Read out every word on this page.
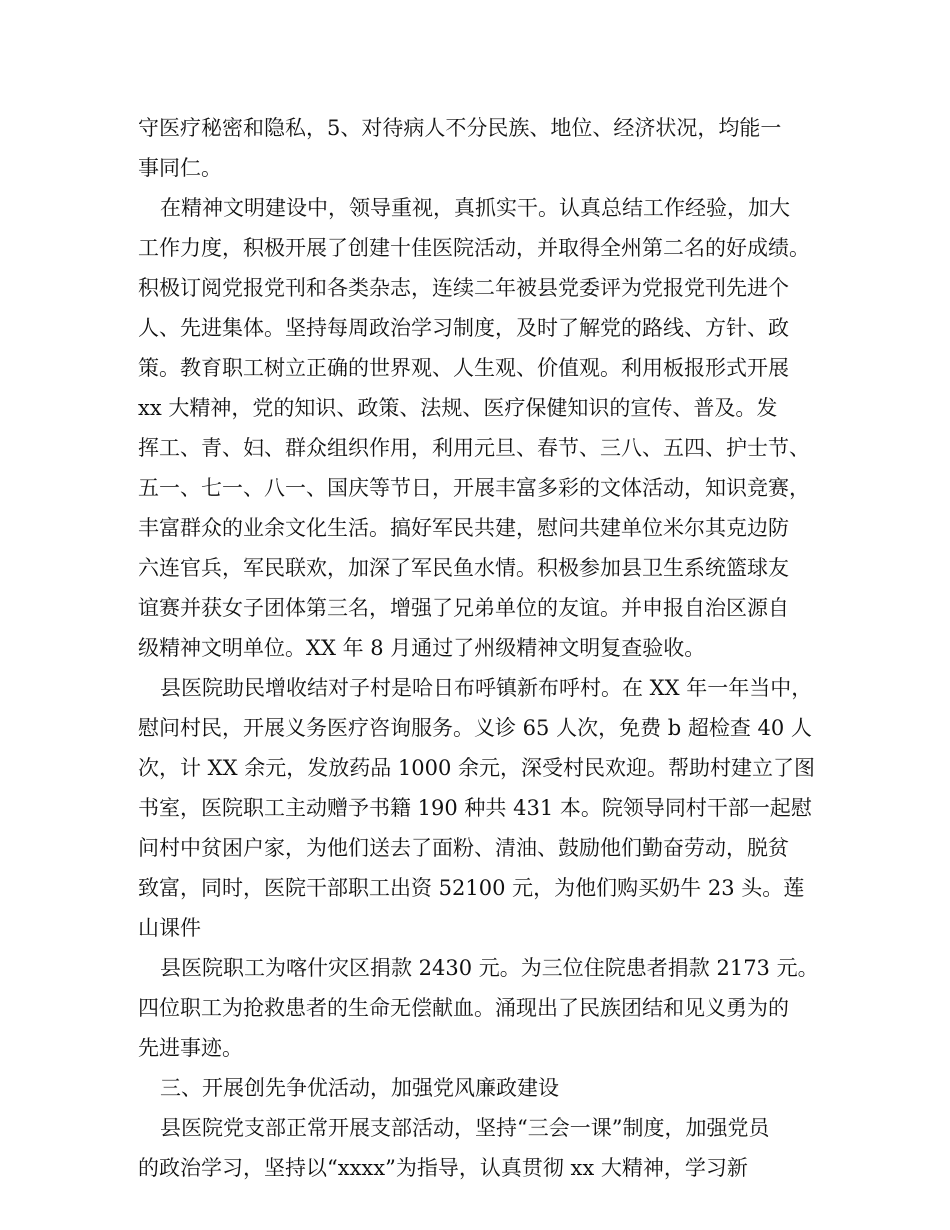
守医疗秘密和隐私，5、对待病人不分民族、地位、经济状况，均能一
事同仁。
在精神文明建设中，领导重视，真抓实干。认真总结工作经验，加大
工作力度，积极开展了创建十佳医院活动，并取得全州第二名的好成绩。
积极订阅党报党刊和各类杂志，连续二年被县党委评为党报党刊先进个
人、先进集体。坚持每周政治学习制度，及时了解党的路线、方针、政
策。教育职工树立正确的世界观、人生观、价值观。利用板报形式开展
xx 大精神，党的知识、政策、法规、医疗保健知识的宣传、普及。发
挥工、青、妇、群众组织作用，利用元旦、春节、三八、五四、护士节、
五一、七一、八一、国庆等节日，开展丰富多彩的文体活动，知识竞赛，
丰富群众的业余文化生活。搞好军民共建，慰问共建单位米尔其克边防
六连官兵，军民联欢，加深了军民鱼水情。积极参加县卫生系统篮球友
谊赛并获女子团体第三名，增强了兄弟单位的友谊。并申报自治区源自
级精神文明单位。XX 年 8 月通过了州级精神文明复查验收。
县医院助民增收结对子村是哈日布呼镇新布呼村。在 XX 年一年当中，
慰问村民，开展义务医疗咨询服务。义诊 65 人次，免费 b 超检查 40 人
次，计 XX 余元，发放药品 1000 余元，深受村民欢迎。帮助村建立了图
书室，医院职工主动赠予书籍 190 种共 431 本。院领导同村干部一起慰
问村中贫困户家，为他们送去了面粉、清油、鼓励他们勤奋劳动，脱贫
致富，同时，医院干部职工出资 52100 元，为他们购买奶牛 23 头。莲
山课件
县医院职工为喀什灾区捐款 2430 元。为三位住院患者捐款 2173 元。
四位职工为抢救患者的生命无偿献血。涌现出了民族团结和见义勇为的
先进事迹。
三、开展创先争优活动，加强党风廉政建设
县医院党支部正常开展支部活动，坚持“三会一课”制度，加强党员
的政治学习，坚持以“xxxx”为指导，认真贯彻 xx 大精神，学习新
